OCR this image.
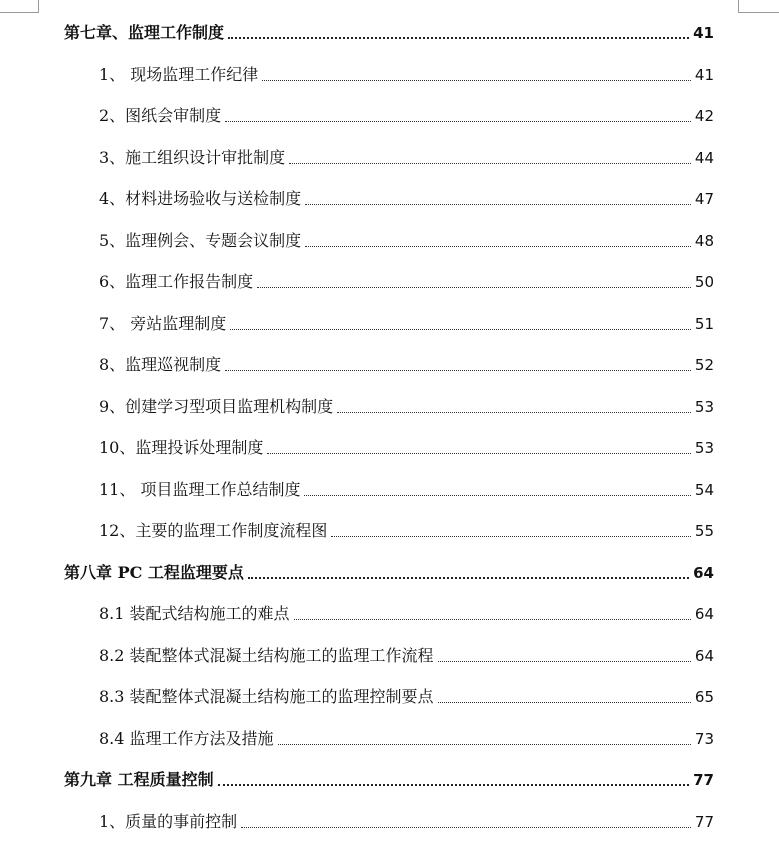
第七章、监理工作制度	41
1、 现场监理工作纪律	41
2、图纸会审制度	42
3、施工组织设计审批制度	44
4、材料进场验收与送检制度	47
5、监理例会、专题会议制度	48
6、监理工作报告制度	50
7、 旁站监理制度	51
8、监理巡视制度	52
9、创建学习型项目监理机构制度	53
10、监理投诉处理制度	53
11、 项目监理工作总结制度	54
12、主要的监理工作制度流程图	55
第八章 PC 工程监理要点	64
8.1 装配式结构施工的难点	64
8.2 装配整体式混凝土结构施工的监理工作流程	64
8.3 装配整体式混凝土结构施工的监理控制要点	65
8.4 监理工作方法及措施	73
第九章 工程质量控制	77
1、质量的事前控制	77
